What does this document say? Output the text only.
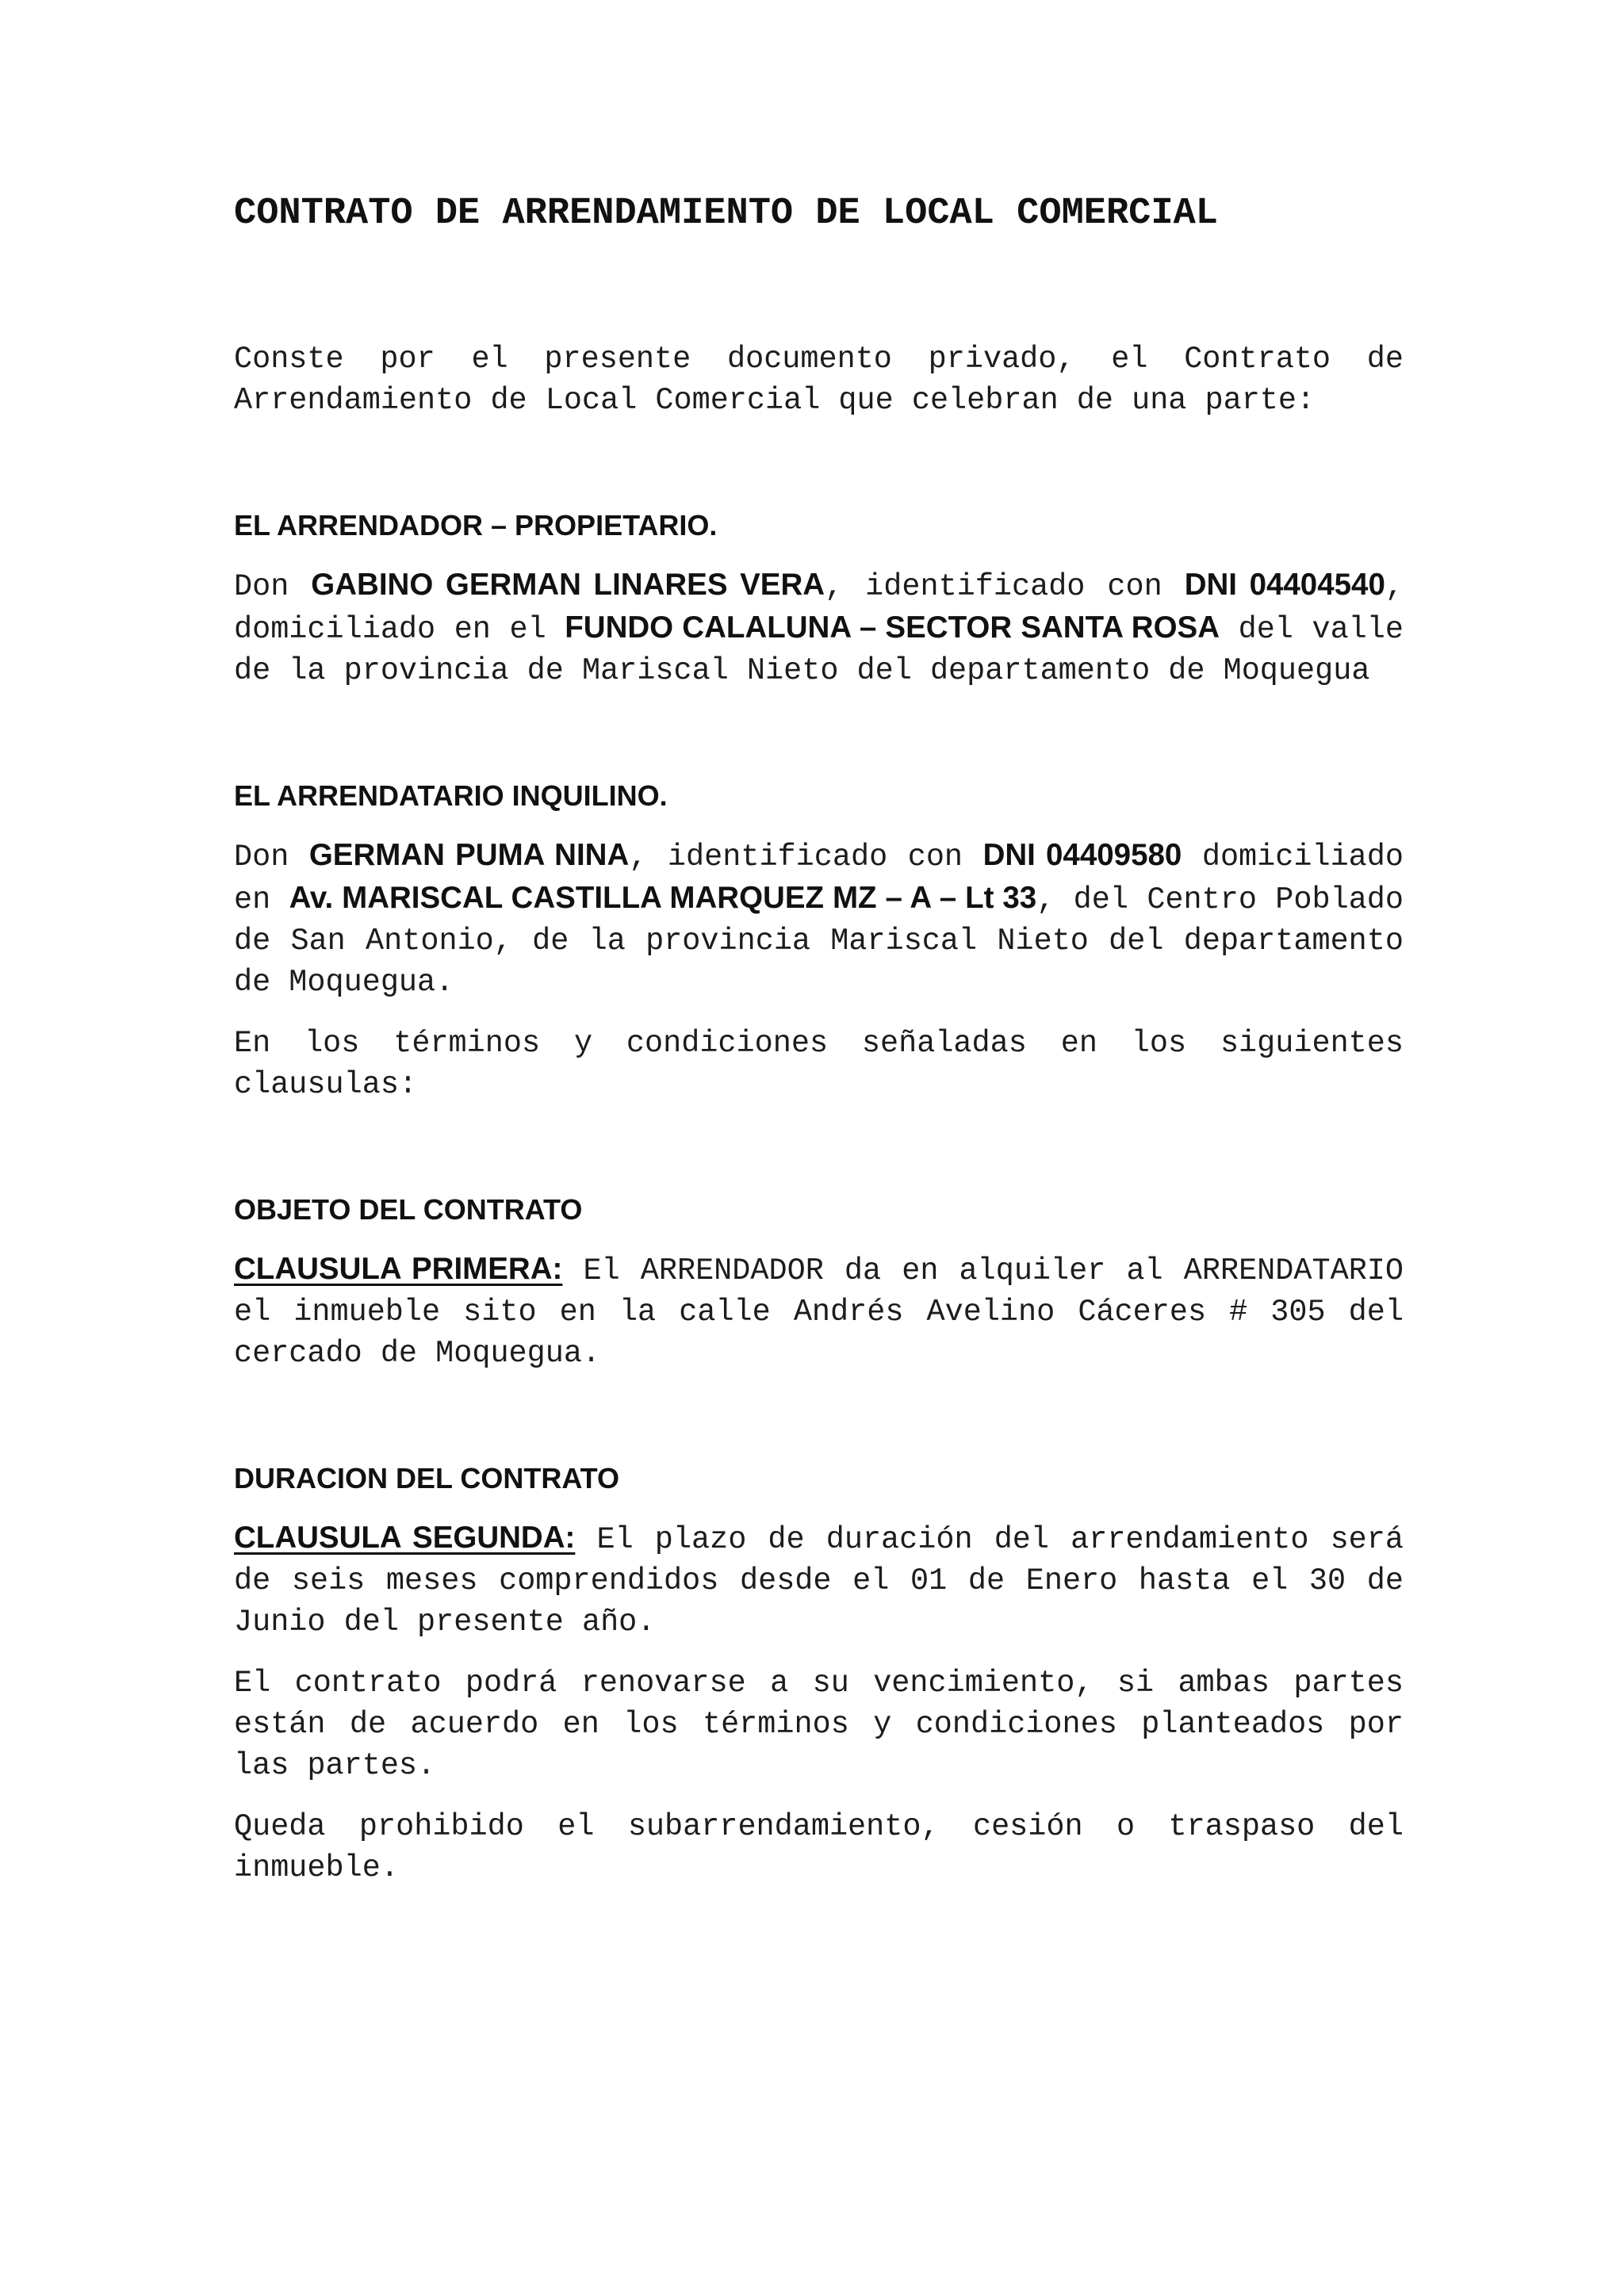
CONTRATO DE ARRENDAMIENTO DE LOCAL COMERCIAL

Conste por el presente documento privado, el Contrato de Arrendamiento de Local Comercial que celebran de una parte:

EL ARRENDADOR – PROPIETARIO.

Don GABINO GERMAN LINARES VERA, identificado con DNI 04404540, domiciliado en el FUNDO CALALUNA – SECTOR SANTA ROSA del valle de la provincia de Mariscal Nieto del departamento de Moquegua

EL ARRENDATARIO INQUILINO.

Don GERMAN PUMA NINA, identificado con DNI 04409580 domiciliado en Av. MARISCAL CASTILLA MARQUEZ MZ – A – Lt 33, del Centro Poblado de San Antonio, de la provincia Mariscal Nieto del departamento de Moquegua.

En los términos y condiciones señaladas en los siguientes clausulas:

OBJETO DEL CONTRATO

CLAUSULA PRIMERA: El ARRENDADOR da en alquiler al ARRENDATARIO el inmueble sito en la calle Andrés Avelino Cáceres # 305 del cercado de Moquegua.

DURACION DEL CONTRATO

CLAUSULA SEGUNDA: El plazo de duración del arrendamiento será de seis meses comprendidos desde el 01 de Enero hasta el 30 de Junio del presente año.

El contrato podrá renovarse a su vencimiento, si ambas partes están de acuerdo en los términos y condiciones planteados por las partes.

Queda prohibido el subarrendamiento, cesión o traspaso del inmueble.
